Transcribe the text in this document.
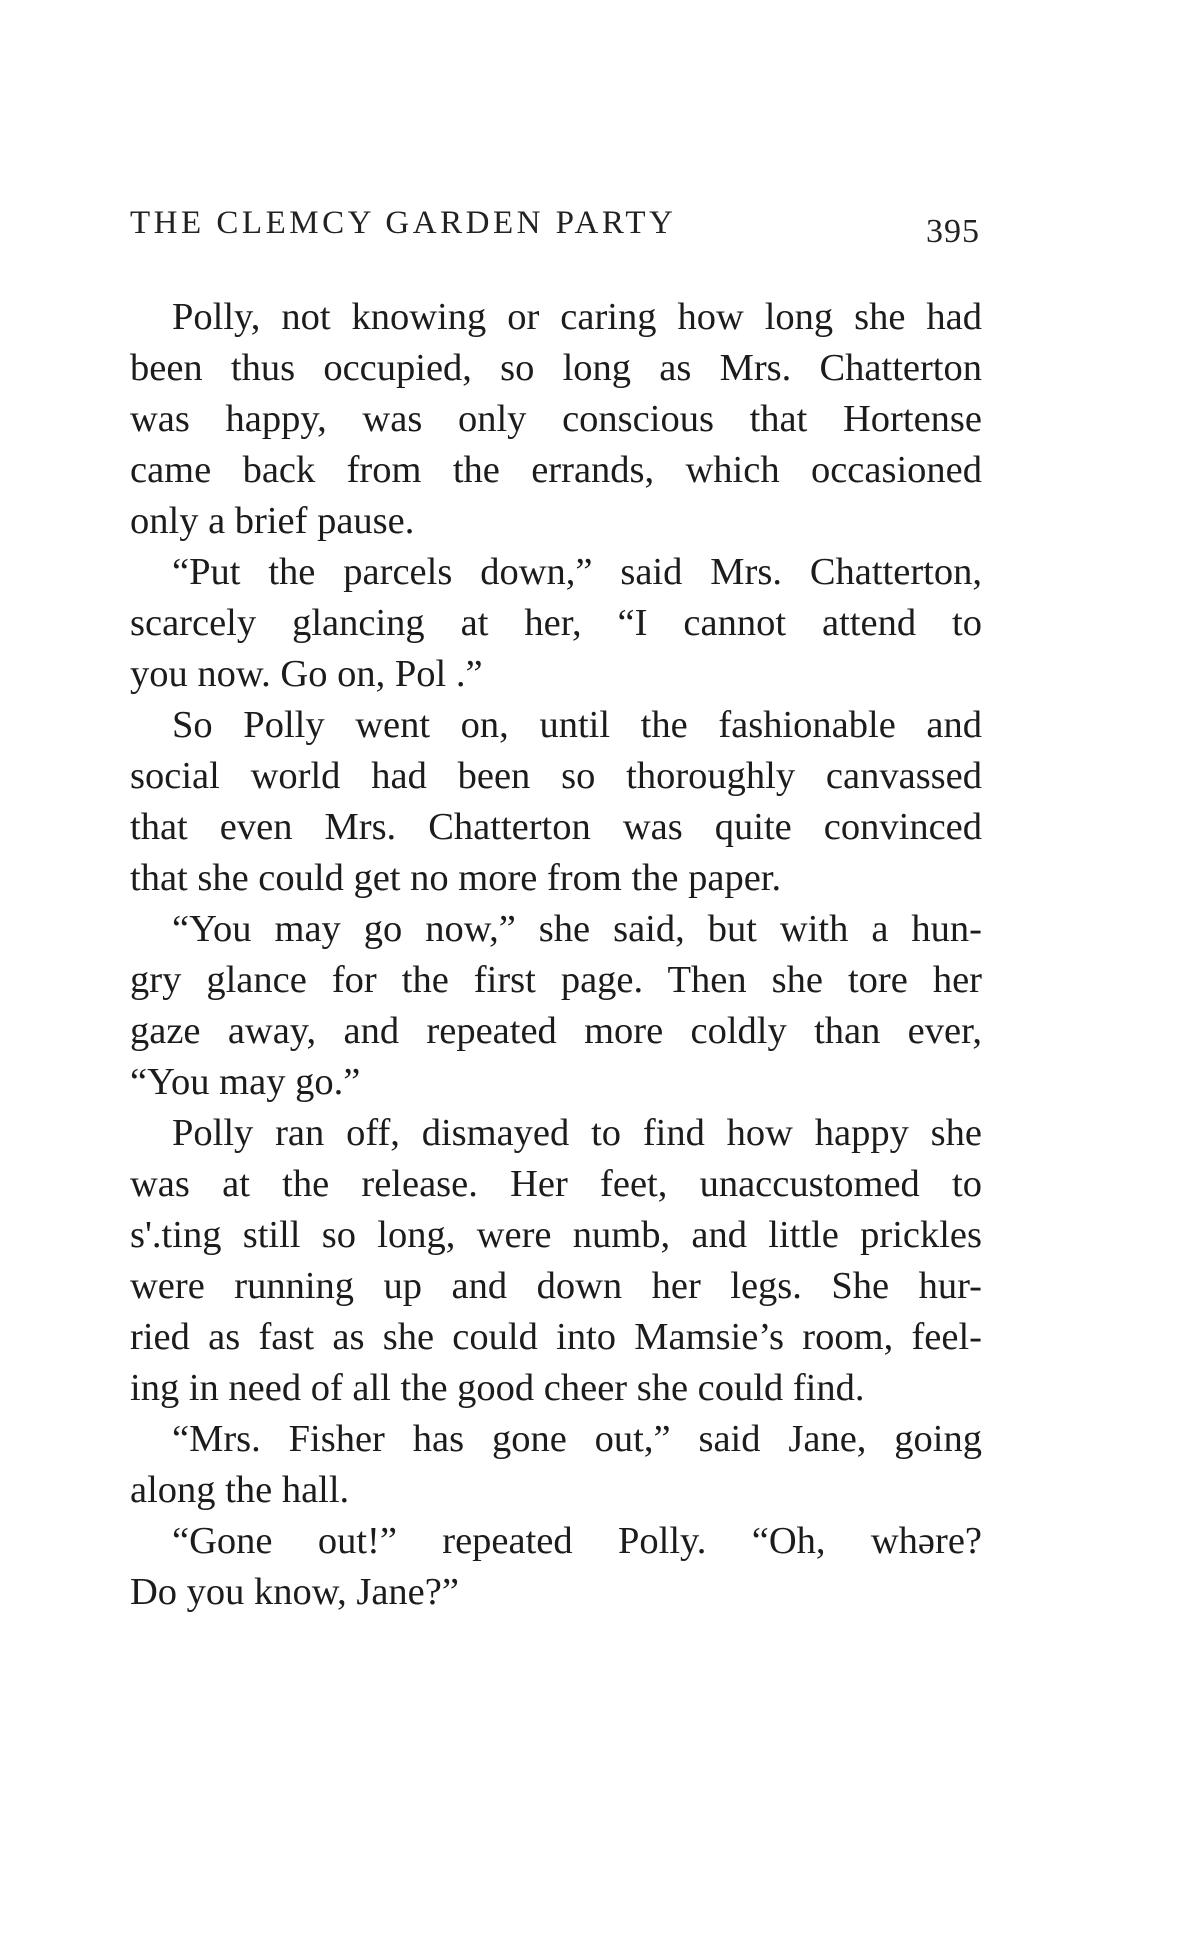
THE CLEMCY GARDEN PARTY	395
Polly, not knowing or caring how long she had
been thus occupied, so long as Mrs. Chatterton
was happy, was only conscious that Hortense
came back from the errands, which occasioned
only a brief pause.
“Put the parcels down,” said Mrs. Chatterton,
scarcely glancing at her, “I cannot attend to
you now. Go on, Pol .”
So Polly went on, until the fashionable and
social world had been so thoroughly canvassed
that even Mrs. Chatterton was quite convinced
that she could get no more from the paper.
“You may go now,” she said, but with a hun-
gry glance for the first page. Then she tore her
gaze away, and repeated more coldly than ever,
“You may go.”
Polly ran off, dismayed to find how happy she
was at the release. Her feet, unaccustomed to
s'.ting still so long, were numb, and little prickles
were running up and down her legs. She hur-
ried as fast as she could into Mamsie’s room, feel-
ing in need of all the good cheer she could find.
“Mrs. Fisher has gone out,” said Jane, going
along the hall.
“Gone out!” repeated Polly. “Oh, whəre?
Do you know, Jane?”
